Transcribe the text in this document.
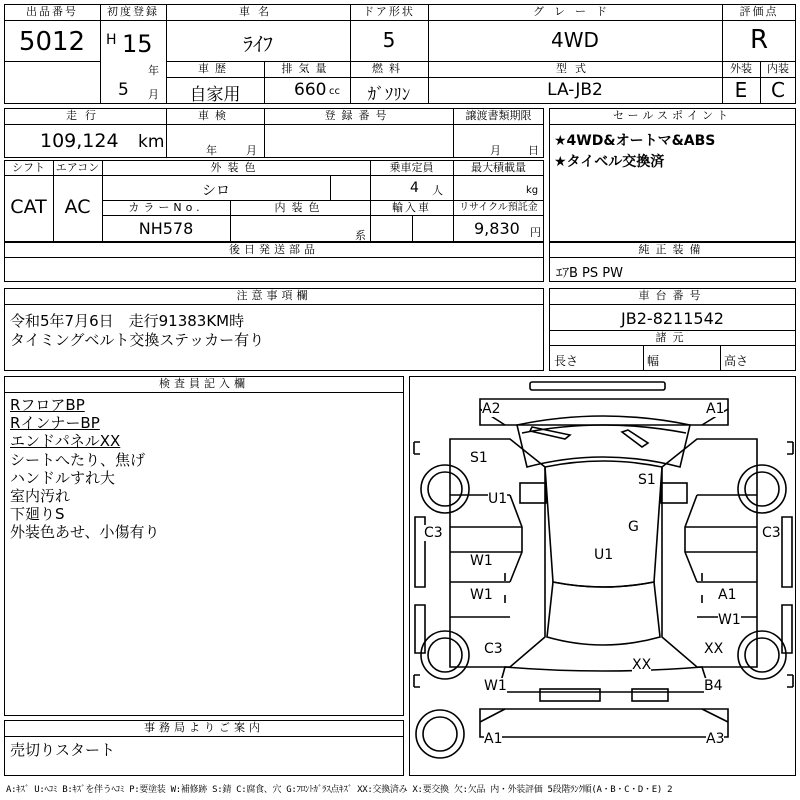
出品番号
5012
初度登録
H 15
年
5 月
車名
ﾗｲﾌ
ドア形状
5
グレード
4WD
評価点
R
車歴
自家用
排気量
660 cc
燃料
ｶﾞｿﾘﾝ
型式
LA-JB2
外装
E
内装
C
走行
109,124 km
車検
年	月
登録番号	譲渡書類期限
月 日
セールスポイント
★4WD&オートマ&ABS
★タイベル交換済
シフト
CAT
エアコン
AC
外装色
シロ
乗車定員
4 人
最大積載量
kg
カラーNo.
NH578
内装色
系
輸入車	リサイクル預託金
9,830 円
後日発送部品	純正装備
ｴｱB PS PW
注意事項欄
令和5年7月6日　走行91383KM時
タイミングベルト交換ステッカー有り
車台番号
JB2-8211542
諸元
長さ	幅	高さ
検査員記入欄
RフロアBP
RインナーBP
エンドパネルXX
シートへたり、焦げ
ハンドルすれ大
室内汚れ
下廻りS
外装色あせ、小傷有り
事務局よりご案内
売切りスタート
A2	A1
S1
S1
U1
G
C3	C3
W1	U1
W1	A1
W1
C3	XX
XX
W1	B4
A1	A3
A:ｷｽﾞ U:ﾍｺﾐ B:ｷｽﾞを伴うﾍｺﾐ P:要塗装 W:補修跡 S:錆 C:腐食、穴 G:ﾌﾛﾝﾄｶﾞﾗｽ点ｷｽﾞ XX:交換済み X:要交換 欠:欠品 内・外装評価 5段階ﾗﾝｸ順(A・B・C・D・E) 2
